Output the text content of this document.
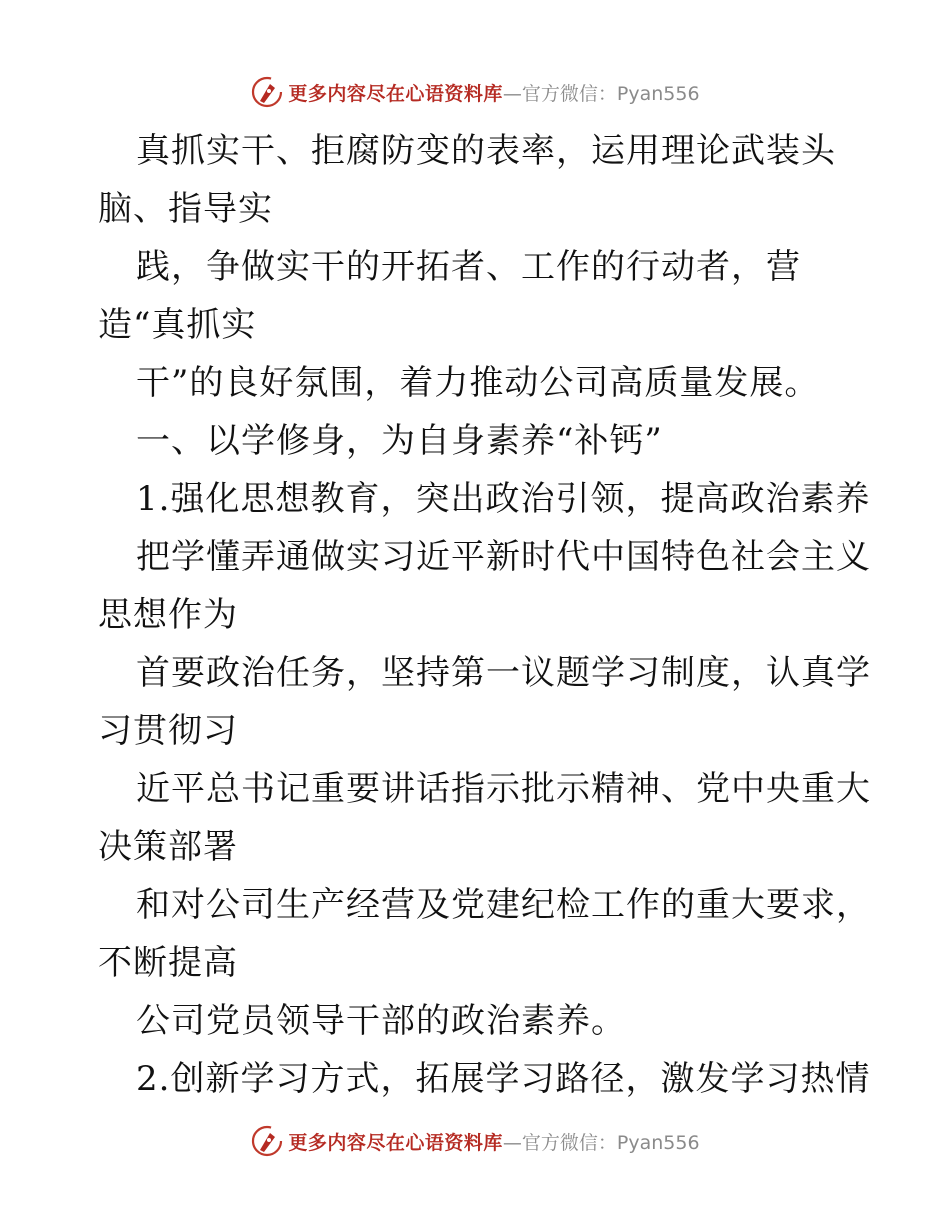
更多内容尽在心语资料库 —官方微信：Pyan556
真抓实干、拒腐防变的表率，运用理论武装头
脑、指导实
践，争做实干的开拓者、工作的行动者，营
造“真抓实
干”的良好氛围，着力推动公司高质量发展。
一、以学修身，为自身素养“补钙”
1.强化思想教育，突出政治引领，提高政治素养
把学懂弄通做实习近平新时代中国特色社会主义
思想作为
首要政治任务，坚持第一议题学习制度，认真学
习贯彻习
近平总书记重要讲话指示批示精神、党中央重大
决策部署
和对公司生产经营及党建纪检工作的重大要求，
不断提高
公司党员领导干部的政治素养。
2.创新学习方式，拓展学习路径，激发学习热情
更多内容尽在心语资料库 —官方微信：Pyan556
